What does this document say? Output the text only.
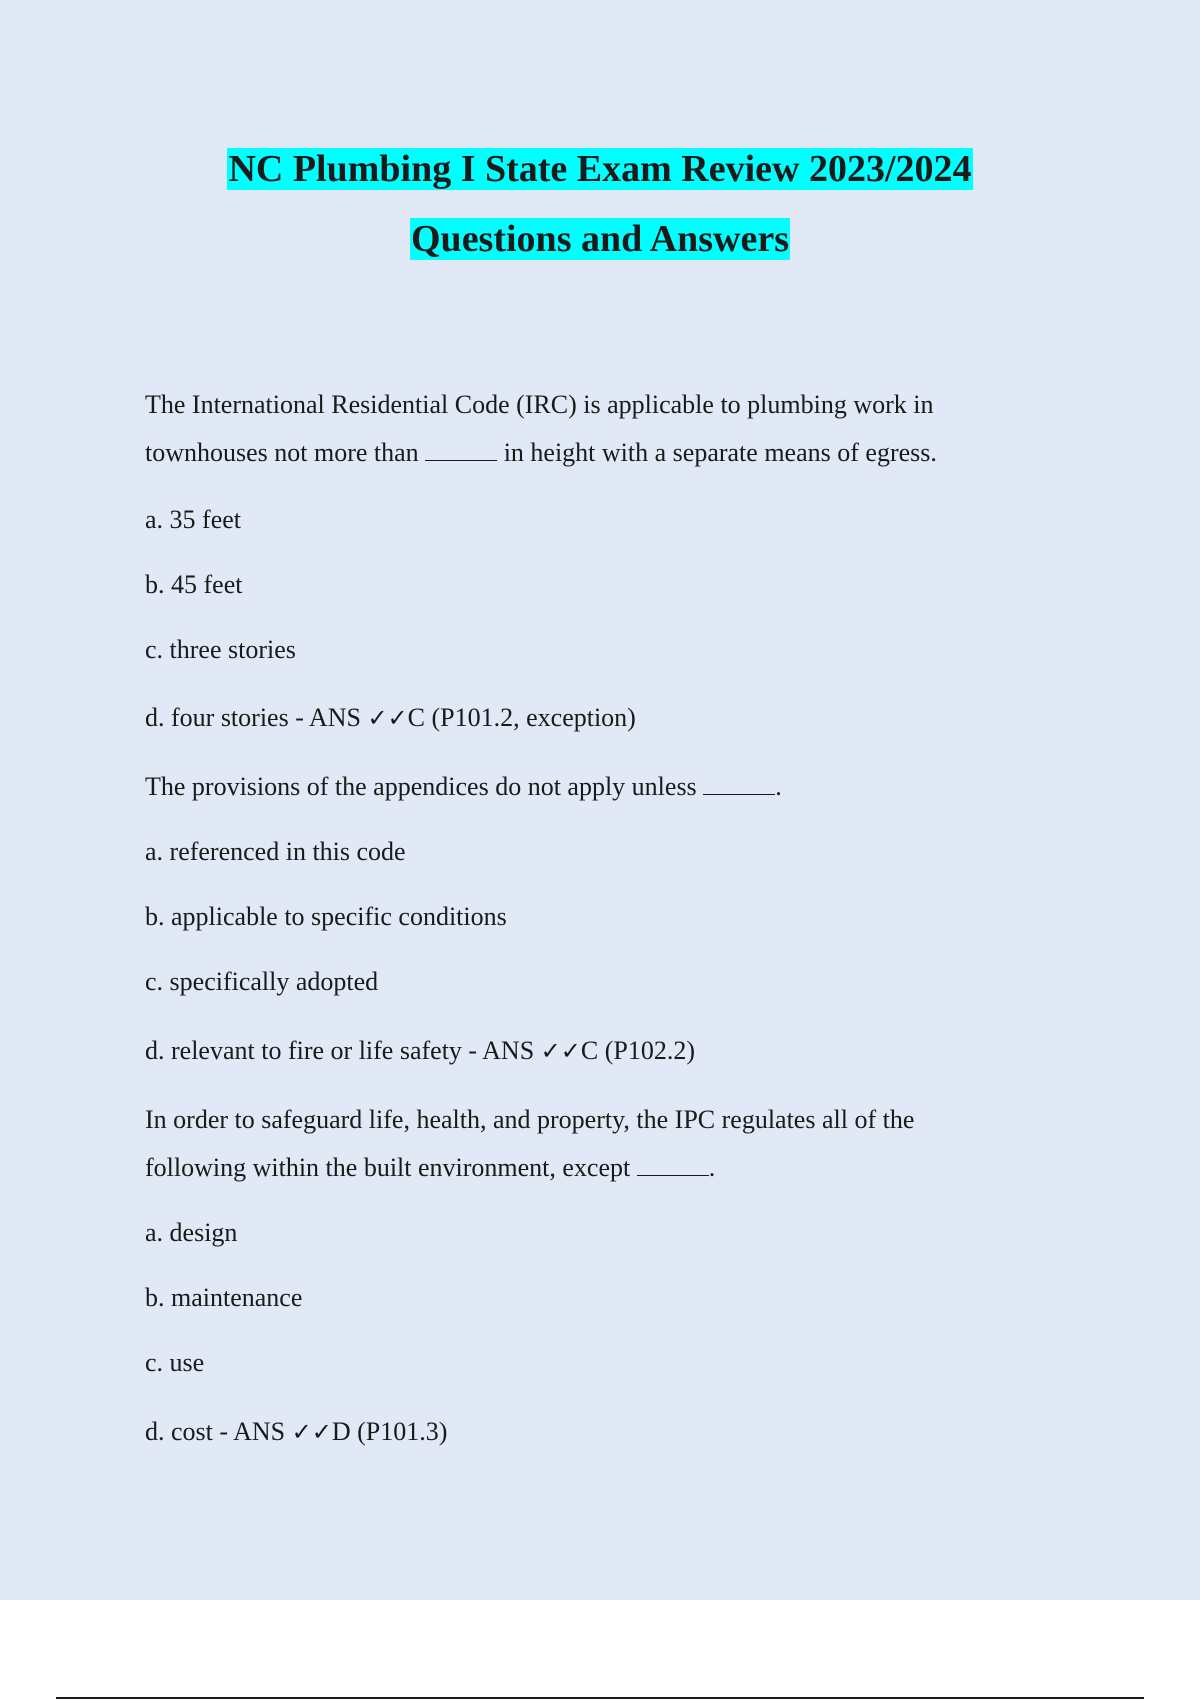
NC Plumbing I State Exam Review 2023/2024
Questions and Answers
The International Residential Code (IRC) is applicable to plumbing work in
townhouses not more than	in height with a separate means of egress.
a. 35 feet
b. 45 feet
c. three stories
d. four stories - ANS ✓✓C (P101.2, exception)
The provisions of the appendices do not apply unless	.
a. referenced in this code
b. applicable to specific conditions
c. specifically adopted
d. relevant to fire or life safety - ANS ✓✓C (P102.2)
In order to safeguard life, health, and property, the IPC regulates all of the
following within the built environment, except	.
a. design
b. maintenance
c. use
d. cost - ANS ✓✓D (P101.3)
